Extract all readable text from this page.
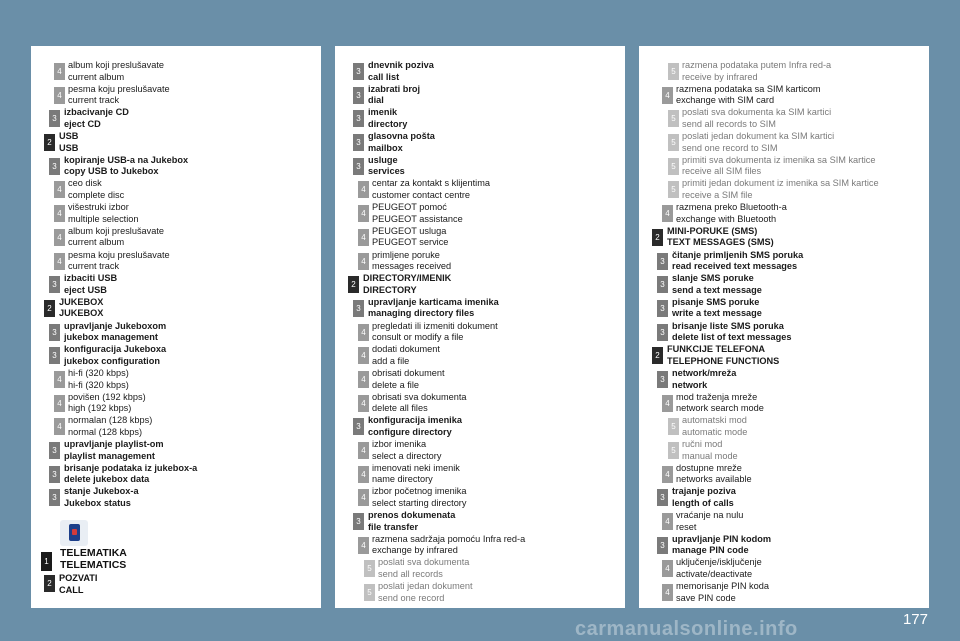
4
album koji preslušavate
current album
4
pesma koju preslušavate
current track
3
izbacivanje CD
eject CD
2
USB
USB
3
kopiranje USB-a na Jukebox
copy USB to Jukebox
4
ceo disk
complete disc
4
višestruki izbor
multiple selection
4
album koji preslušavate
current album
4
pesma koju preslušavate
current track
3
izbaciti USB
eject USB
2
JUKEBOX
JUKEBOX
3
upravljanje Jukeboxom
jukebox management
3
konfiguracija Jukeboxa
jukebox configuration
4
hi-fi (320 kbps)
hi-fi (320 kbps)
4
povišen (192 kbps)
high (192 kbps)
4
normalan (128 kbps)
normal (128 kbps)
3
upravljanje playlist-om
playlist management
3
brisanje podataka iz jukebox-a
delete jukebox data
3
stanje Jukebox-a
Jukebox status
1
TELEMATIKA
TELEMATICS
2
POZVATI
CALL
3
dnevnik poziva
call list
3
izabrati broj
dial
3
imenik
directory
3
glasovna pošta
mailbox
3
usluge
services
4
centar za kontakt s klijentima
customer contact centre
4
PEUGEOT pomoć
PEUGEOT assistance
4
PEUGEOT usluga
PEUGEOT service
4
primljene poruke
messages received
2
DIRECTORY/IMENIK
DIRECTORY
3
upravljanje karticama imenika
managing directory files
4
pregledati ili izmeniti dokument
consult or modify a file
4
dodati dokument
add a file
4
obrisati dokument
delete a file
4
obrisati sva dokumenta
delete all files
3
konfiguracija imenika
configure directory
4
izbor imenika
select a directory
4
imenovati neki imenik
name directory
4
izbor početnog imenika
select starting directory
3
prenos dokumenata
file transfer
4
razmena sadržaja pomoću Infra red-a
exchange by infrared
5
poslati sva dokumenta
send all records
5
poslati jedan dokument
send one record
5
razmena podataka putem Infra red-a
receive by infrared
4
razmena podataka sa SIM karticom
exchange with SIM card
5
poslati sva dokumenta ka SIM kartici
send all records to SIM
5
poslati jedan dokument ka SIM kartici
send one record to SIM
5
primiti sva dokumenta iz imenika sa SIM kartice
receive all SIM files
5
primiti jedan dokument iz imenika sa SIM kartice
receive a SIM file
4
razmena preko Bluetooth-a
exchange with Bluetooth
2
MINI-PORUKE (SMS)
TEXT MESSAGES (SMS)
3
čitanje primljenih SMS poruka
read received text messages
3
slanje SMS poruke
send a text message
3
pisanje SMS poruke
write a text message
3
brisanje liste SMS poruka
delete list of text messages
2
FUNKCIJE TELEFONA
TELEPHONE FUNCTIONS
3
network/mreža
network
4
mod traženja mreže
network search mode
5
automatski mod
automatic mode
5
ručni mod
manual mode
4
dostupne mreže
networks available
3
trajanje poziva
length of calls
4
vraćanje na nulu
reset
3
upravljanje PIN kodom
manage PIN code
4
uključenje/isključenje
activate/deactivate
4
memorisanje PIN koda
save PIN code
177
carmanualsonline.info
